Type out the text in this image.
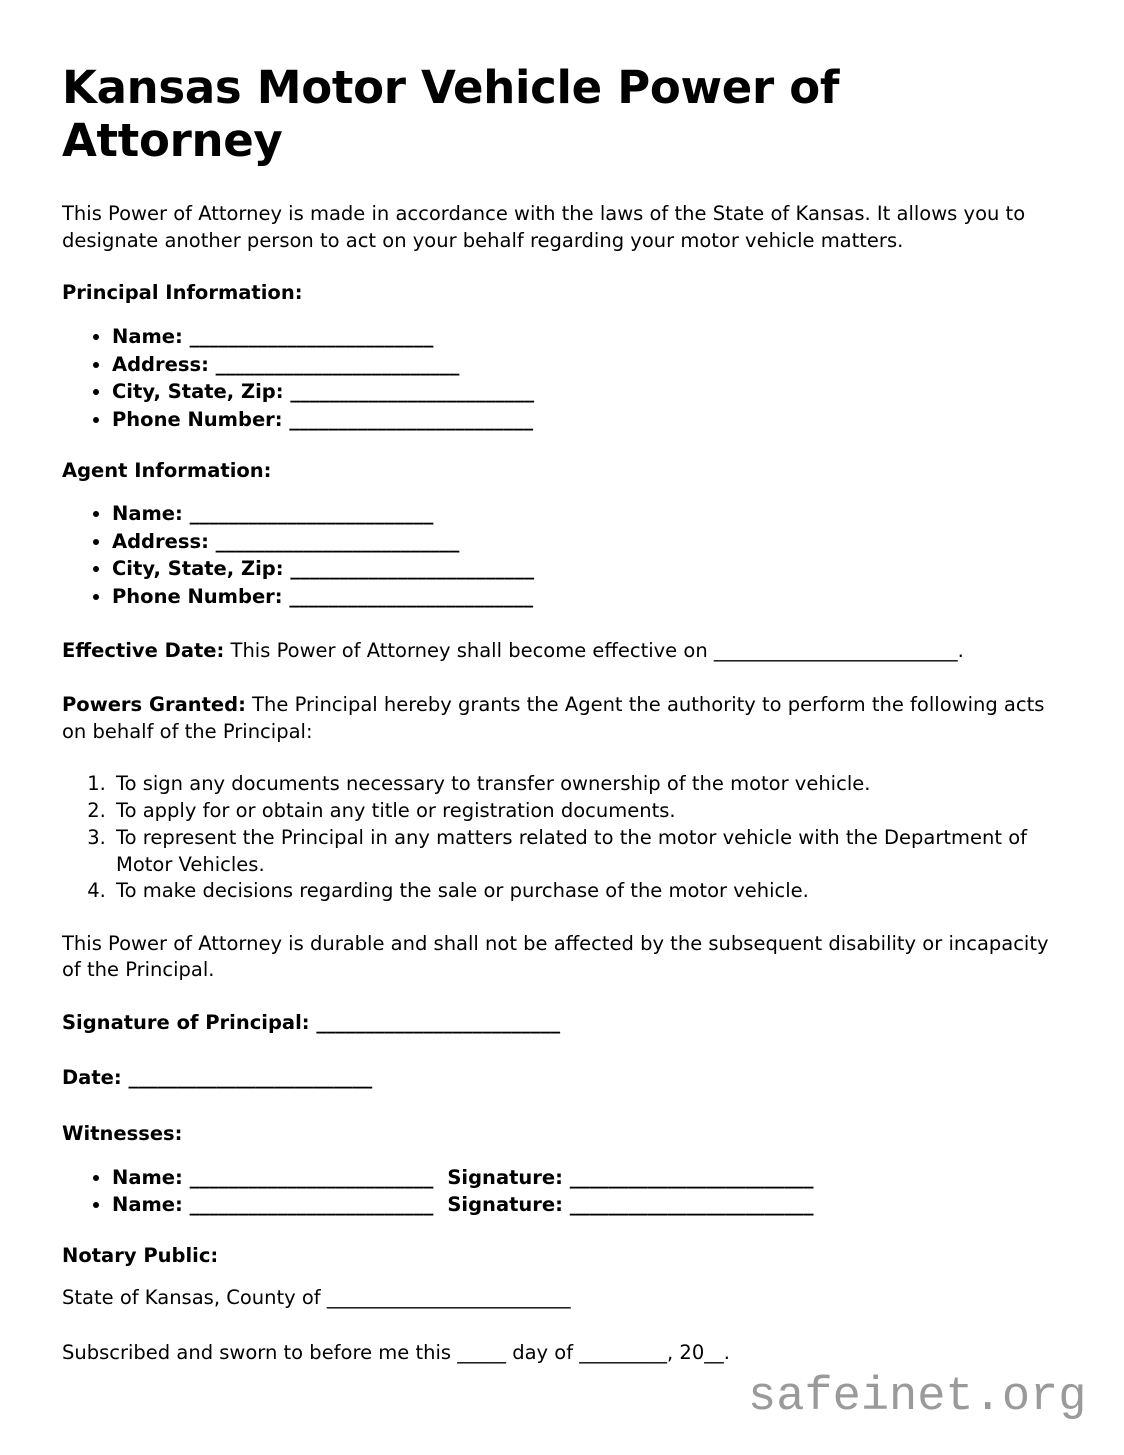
Kansas Motor Vehicle Power of Attorney

This Power of Attorney is made in accordance with the laws of the State of Kansas. It allows you to designate another person to act on your behalf regarding your motor vehicle matters.

Principal Information:
• Name: _________________________
• Address: _________________________
• City, State, Zip: _________________________
• Phone Number: _________________________
Agent Information:
• Name: _________________________
• Address: _________________________
• City, State, Zip: _________________________
• Phone Number: _________________________

Effective Date: This Power of Attorney shall become effective on _________________________.

Powers Granted: The Principal hereby grants the Agent the authority to perform the following acts on behalf of the Principal:

1. To sign any documents necessary to transfer ownership of the motor vehicle.
2. To apply for or obtain any title or registration documents.
3. To represent the Principal in any matters related to the motor vehicle with the Department of Motor Vehicles.
4. To make decisions regarding the sale or purchase of the motor vehicle.

This Power of Attorney is durable and shall not be affected by the subsequent disability or incapacity of the Principal.

Signature of Principal: _________________________
Date: _________________________
Witnesses:
• Name: _________________________ Signature: _________________________
• Name: _________________________ Signature: _________________________
Notary Public:
State of Kansas, County of _________________________
Subscribed and sworn to before me this _____ day of _________, 20__.
safeinet.org
